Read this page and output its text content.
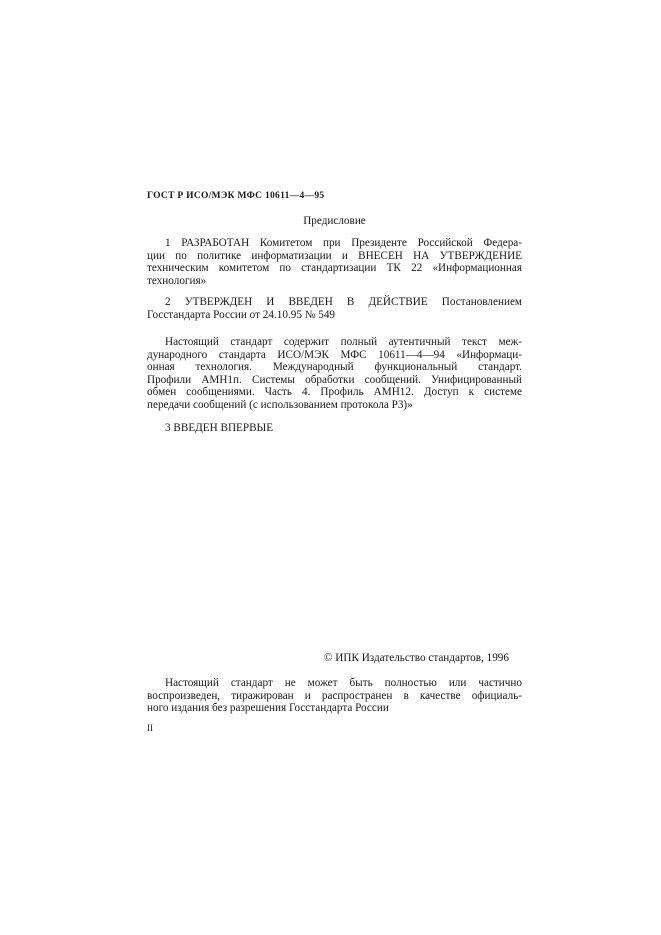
ГОСТ Р ИСО/МЭК МФС 10611—4—95
Предисловие
1 РАЗРАБОТАН Комитетом при Президенте Российской Федера-
ции по политике информатизации и ВНЕСЕН НА УТВЕРЖДЕНИЕ
техническим комитетом по стандартизации ТК 22 «Информационная
технология»
2 УТВЕРЖДЕН И ВВЕДЕН В ДЕЙСТВИЕ Постановлением
Госстандарта России от 24.10.95 № 549
Настоящий стандарт содержит полный аутентичный текст меж-
дународного стандарта ИСО/МЭК МФС 10611—4—94 «Информаци-
онная технология. Международный функциональный стандарт.
Профили АМН1п. Системы обработки сообщений. Унифицированный
обмен сообщениями. Часть 4. Профиль АМН12. Доступ к системе
передачи сообщений (с использованием протокола Р3)»
3 ВВЕДЕН ВПЕРВЫЕ
© ИПК Издательство стандартов, 1996
Настоящий стандарт не может быть полностью или частично
воспроизведен, тиражирован и распространен в качестве официаль-
ного издания без разрешения Госстандарта России
II
